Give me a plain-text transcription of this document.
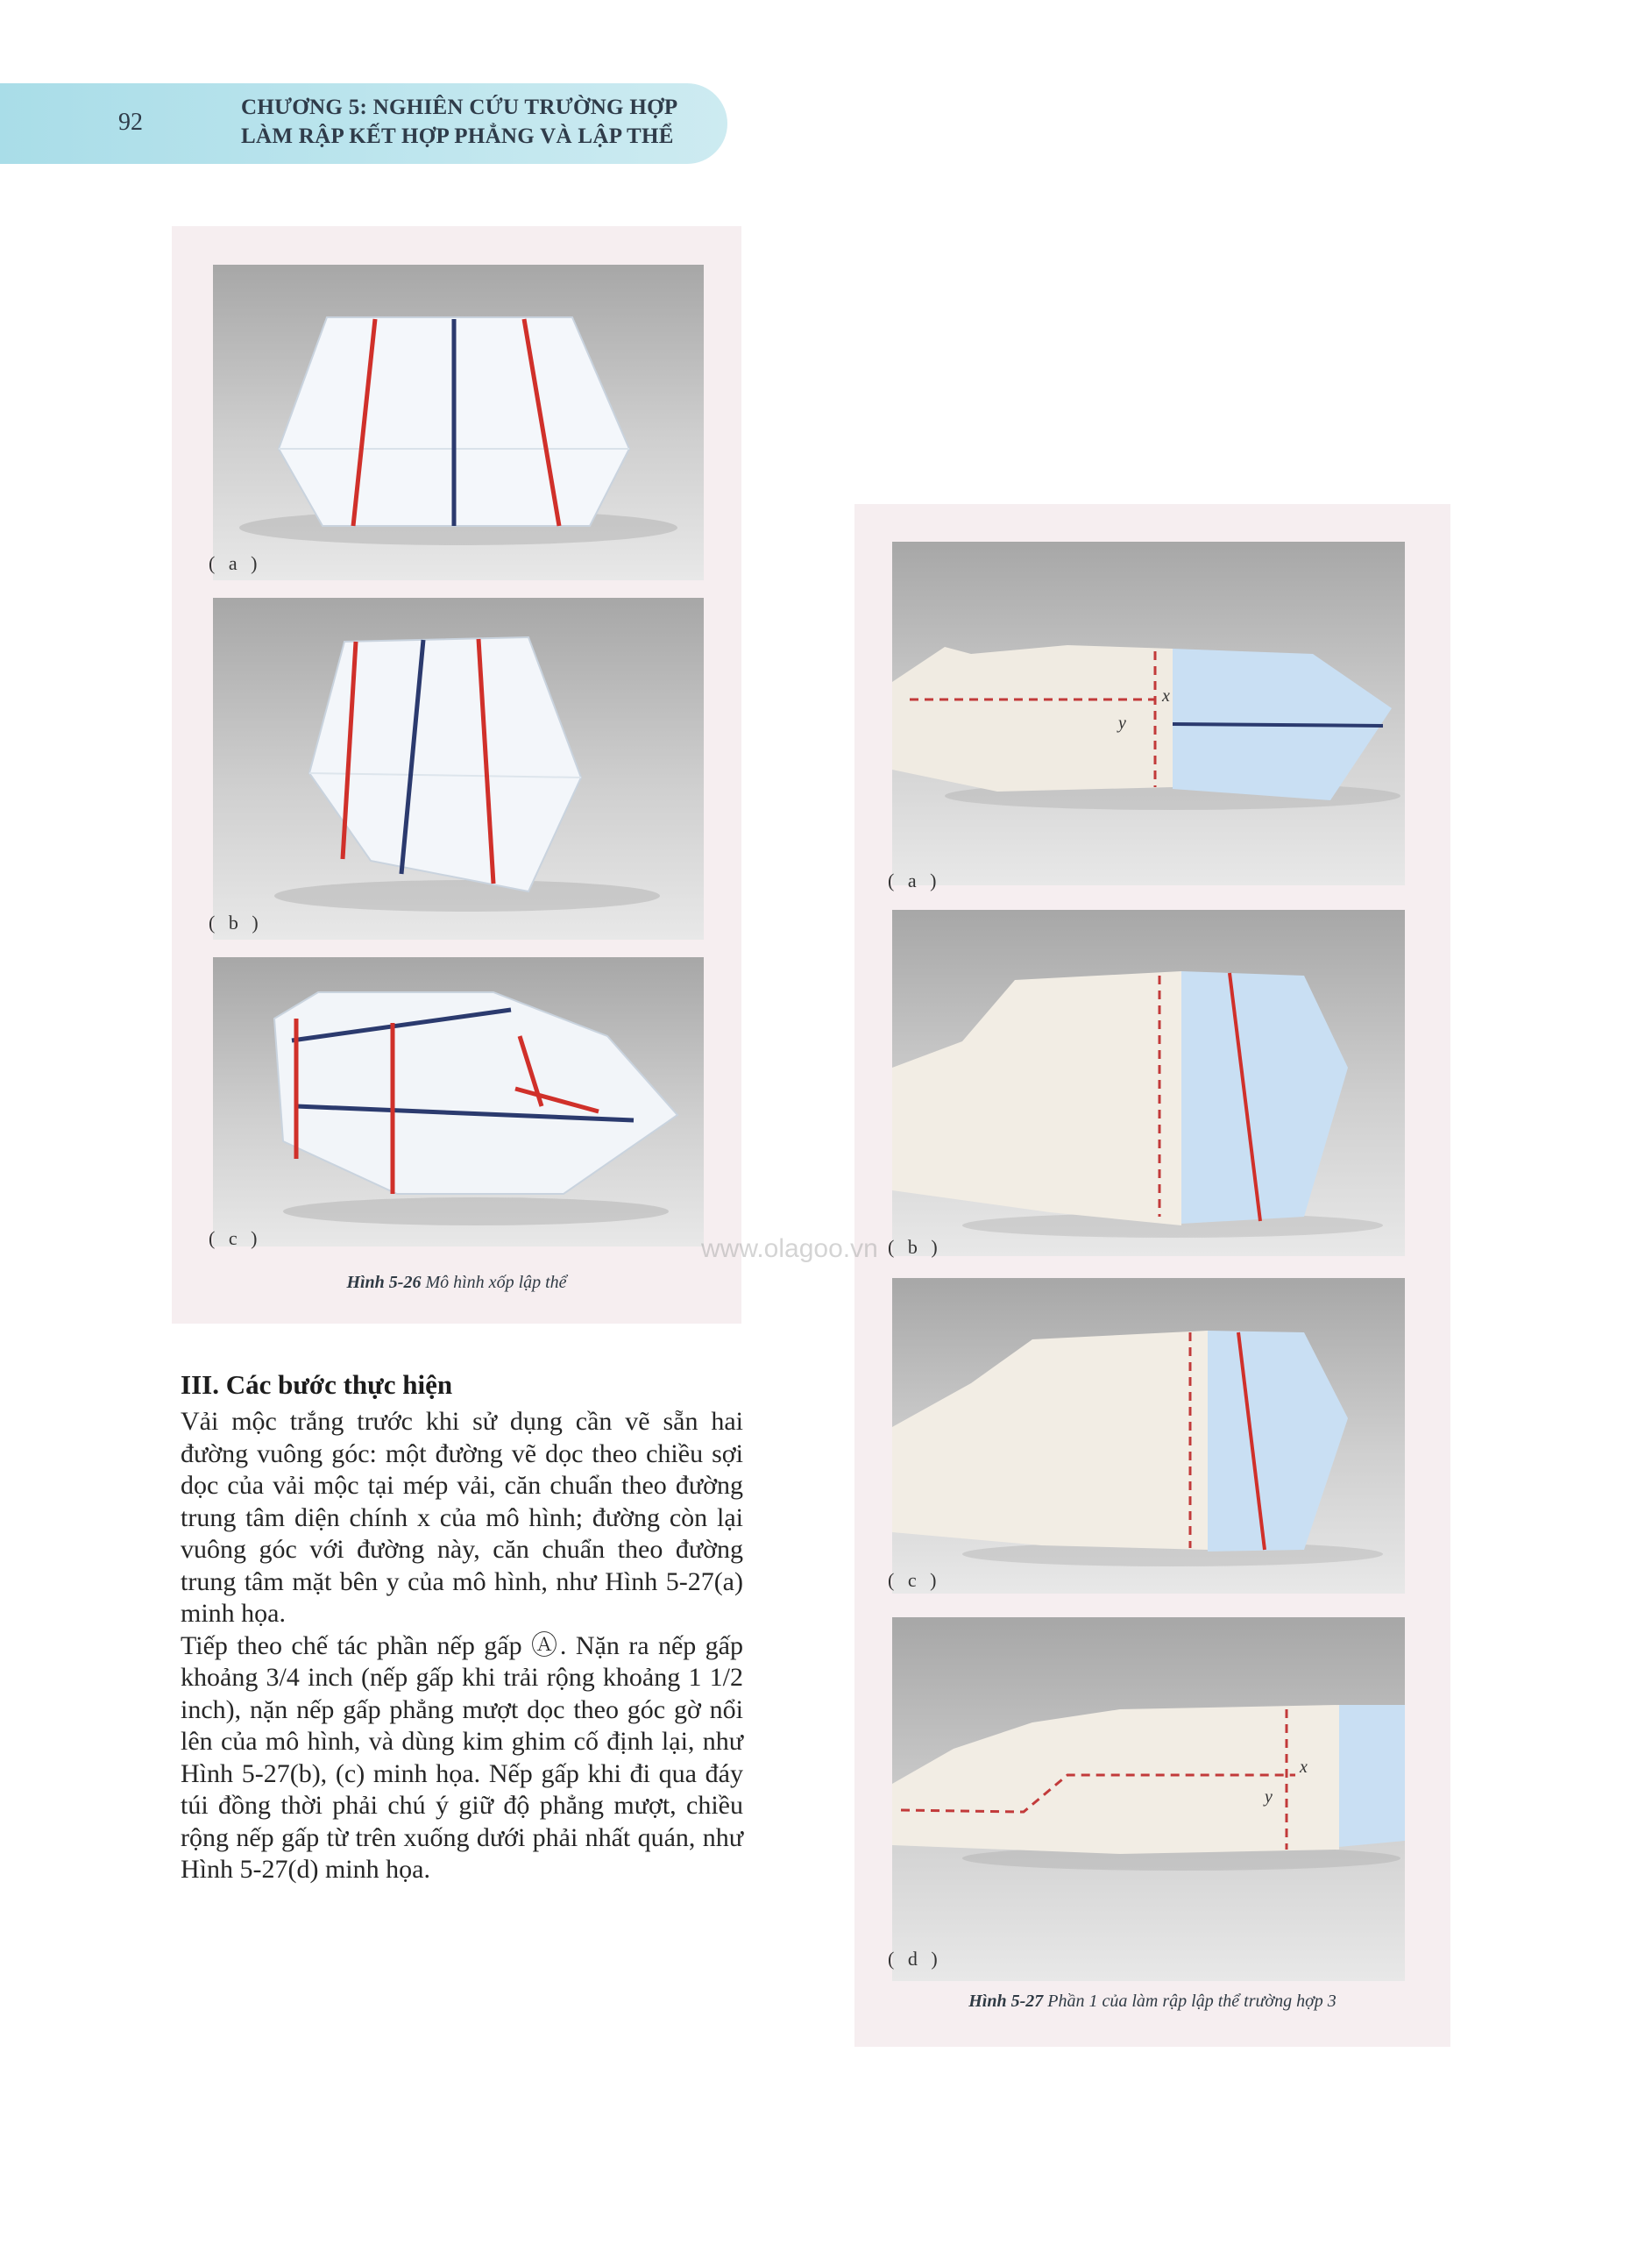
92
CHƯƠNG 5: NGHIÊN CỨU TRƯỜNG HỢP
LÀM RẬP KẾT HỢP PHẲNG VÀ LẬP THỂ
( a )
( b )
( c )
Hình 5-26 Mô hình xốp lập thể
III. Các bước thực hiện

Vải mộc trắng trước khi sử dụng cần vẽ sẵn hai đường vuông góc: một đường vẽ dọc theo chiều sợi dọc của vải mộc tại mép vải, căn chuẩn theo đường trung tâm diện chính x của mô hình; đường còn lại vuông góc với đường này, căn chuẩn theo đường trung tâm mặt bên y của mô hình, như Hình 5-27(a) minh họa.

Tiếp theo chế tác phần nếp gấp Ⓐ. Nặn ra nếp gấp khoảng 3/4 inch (nếp gấp khi trải rộng khoảng 1 1/2 inch), nặn nếp gấp phẳng mượt dọc theo góc gờ nổi lên của mô hình, và dùng kim ghim cố định lại, như Hình 5-27(b), (c) minh họa. Nếp gấp khi đi qua đáy túi đồng thời phải chú ý giữ độ phẳng mượt, chiều rộng nếp gấp từ trên xuống dưới phải nhất quán, như Hình 5-27(d) minh họa.

x
y
( a )
( b )
( c )
x
y
( d )
Hình 5-27 Phần 1 của làm rập lập thể trường hợp 3
www.olagoo.vn
